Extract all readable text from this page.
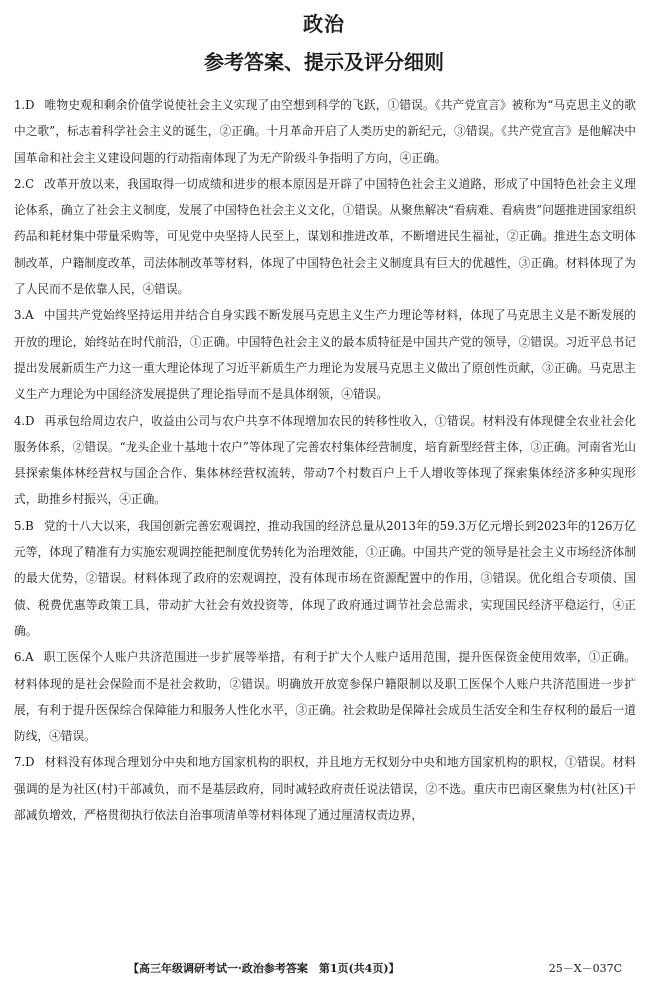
政治
参考答案、提示及评分细则
1.D 唯物史观和剩余价值学说使社会主义实现了由空想到科学的飞跃，①错误。《共产党宣言》被称为“马克思主义的歌中之歌”，标志着科学社会主义的诞生，②正确。十月革命开启了人类历史的新纪元，③错误。《共产党宣言》是他解决中国革命和社会主义建设问题的行动指南体现了为无产阶级斗争指明了方向，④正确。
2.C 改革开放以来，我国取得一切成绩和进步的根本原因是开辟了中国特色社会主义道路，形成了中国特色社会主义理论体系，确立了社会主义制度，发展了中国特色社会主义文化，①错误。从聚焦解决“看病难、看病贵”问题推进国家组织药品和耗材集中带量采购等，可见党中央坚持人民至上，谋划和推进改革，不断增进民生福祉，②正确。推进生态文明体制改革，户籍制度改革，司法体制改革等材料，体现了中国特色社会主义制度具有巨大的优越性，③正确。材料体现了为了人民而不是依靠人民，④错误。
3.A 中国共产党始终坚持运用并结合自身实践不断发展马克思主义生产力理论等材料，体现了马克思主义是不断发展的开放的理论，始终站在时代前沿，①正确。中国特色社会主义的最本质特征是中国共产党的领导，②错误。习近平总书记提出发展新质生产力这一重大理论体现了习近平新质生产力理论为发展马克思主义做出了原创性贡献，③正确。马克思主义生产力理论为中国经济发展提供了理论指导而不是具体纲领，④错误。
4.D 再承包给周边农户，收益由公司与农户共享不体现增加农民的转移性收入，①错误。材料没有体现健全农业社会化服务体系，②错误。“龙头企业十基地十农户”等体现了完善农村集体经营制度，培育新型经营主体，③正确。河南省光山县探索集体林经营权与国企合作、集体林经营权流转，带动7个村数百户上千人增收等体现了探索集体经济多种实现形式，助推乡村振兴，④正确。
5.B 党的十八大以来，我国创新完善宏观调控，推动我国的经济总量从2013年的59.3万亿元增长到2023年的126万亿元等，体现了精准有力实施宏观调控能把制度优势转化为治理效能，①正确。中国共产党的领导是社会主义市场经济体制的最大优势，②错误。材料体现了政府的宏观调控，没有体现市场在资源配置中的作用，③错误。优化组合专项债、国债、税费优惠等政策工具，带动扩大社会有效投资等，体现了政府通过调节社会总需求，实现国民经济平稳运行，④正确。
6.A 职工医保个人账户共济范围进一步扩展等举措，有利于扩大个人账户适用范围，提升医保资金使用效率，①正确。材料体现的是社会保险而不是社会救助，②错误。明确放开放宽参保户籍限制以及职工医保个人账户共济范围进一步扩展，有利于提升医保综合保障能力和服务人性化水平，③正确。社会救助是保障社会成员生活安全和生存权利的最后一道防线，④错误。
7.D 材料没有体现合理划分中央和地方国家机构的职权，并且地方无权划分中央和地方国家机构的职权，①错误。材料强调的是为社区(村)干部减负，而不是基层政府，同时减轻政府责任说法错误，②不选。重庆市巴南区聚焦为村(社区)干部减负增效，严格贯彻执行依法自治事项清单等材料体现了通过厘清权责边界，
【高三年级调研考试一·政治参考答案　第1页(共4页)】	25－X－037C
